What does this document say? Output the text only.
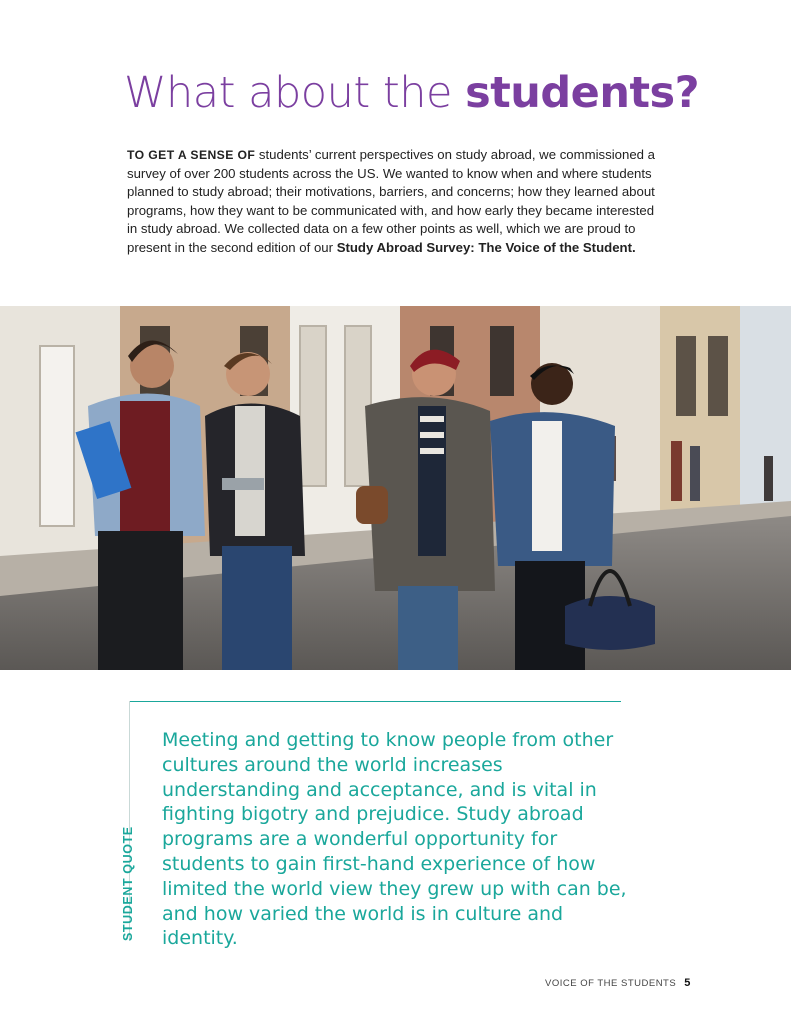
What about the students?

TO GET A SENSE OF students’ current perspectives on study abroad, we commissioned a survey of over 200 students across the US. We wanted to know when and where students planned to study abroad; their motivations, barriers, and concerns; how they learned about programs, how they want to be communicated with, and how early they became interested in study abroad. We collected data on a few other points as well, which we are proud to present in the second edition of our Study Abroad Survey: The Voice of the Student.

STUDENT QUOTE

Meeting and getting to know people from other cultures around the world increases understanding and acceptance, and is vital in fighting bigotry and prejudice. Study abroad programs are a wonderful opportunity for students to gain first-hand experience of how limited the world view they grew up with can be, and how varied the world is in culture and identity.

VOICE OF THE STUDENTS 5
